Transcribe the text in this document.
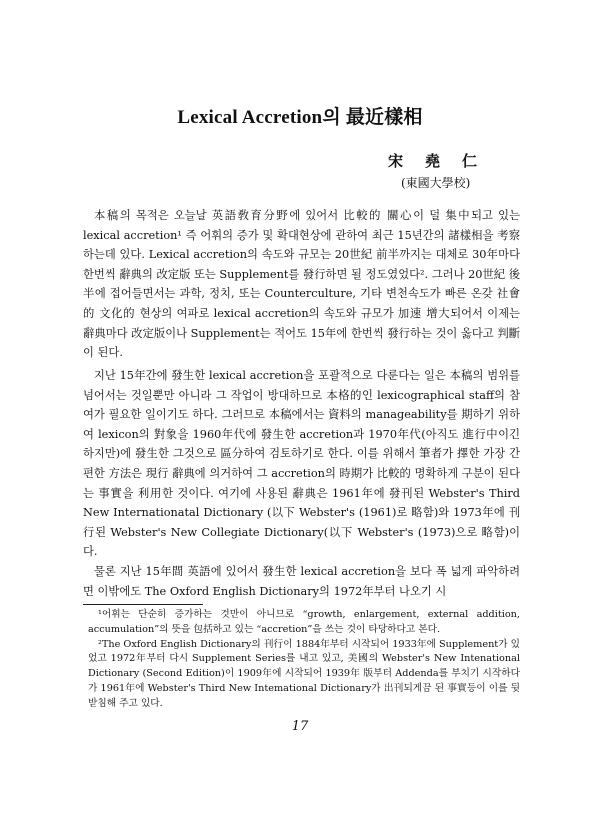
Lexical Accretion의 最近樣相
宋堯仁
(東國大學校)

本稿의 목적은 오늘날 英語敎育分野에 있어서 比較的 關心이 덜 集中되고 있는 lexical accretion¹ 즉 어휘의 증가 및 확대현상에 관하여 최근 15년간의 諸樣相을 考察하는데 있다. Lexical accretion의 속도와 규모는 20世紀 前半까지는 대체로 30年마다 한번씩 辭典의 改定版 또는 Supplement를 發行하면 될 정도였었다². 그러나 20世紀 後半에 접어들면서는 과학, 정치, 또는 Counterculture, 기타 변천속도가 빠른 온갖 社會的 文化的 현상의 여파로 lexical accretion의 속도와 규모가 加速 增大되어서 이제는 辭典마다 改定版이나 Supplement는 적어도 15年에 한번씩 發行하는 것이 옳다고 判斷이 된다.

지난 15年간에 發生한 lexical accretion을 포괄적으로 다룬다는 일은 本稿의 범위를 넘어서는 것일뿐만 아니라 그 작업이 방대하므로 本格的인 lexicographical staff의 참여가 필요한 일이기도 하다. 그러므로 本稿에서는 資料의 manageability를 期하기 위하여 lexicon의 對象을 1960年代에 發生한 accretion과 1970年代(아직도 進行中이긴 하지만)에 發生한 그것으로 區分하여 검토하기로 한다. 이를 위해서 筆者가 擇한 가장 간편한 方法은 現行 辭典에 의거하여 그 accretion의 時期가 比較的 명확하게 구분이 된다는 事實을 利用한 것이다. 여기에 사용된 辭典은 1961年에 發刊된 Webster's Third New Internationatal Dictionary (以下 Webster's (1961)로 略함)와 1973年에 刊行된 Webster's New Collegiate Dictionary(以下 Webster's (1973)으로 略함)이다.

물론 지난 15年間 英語에 있어서 發生한 lexical accretion을 보다 폭 넓게 파악하려면 이밖에도 The Oxford English Dictionary의 1972年부터 나오기 시

¹어휘는 단순히 증가하는 것만이 아니므로 “growth, enlargement, external addition, accumulation”의 뜻을 包括하고 있는 “accretion”을 쓰는 것이 타당하다고 본다.

²The Oxford English Dictionary의 刊行이 1884年부터 시작되어 1933年에 Supplement가 있었고 1972年부터 다시 Supplement Series를 내고 있고, 美國의 Webster's New Intenational Dictionary (Second Edition)이 1909年에 시작되어 1939年 版부터 Addenda를 부치기 시작하다가 1961年에 Webster's Third New Intemational Dictionary가 出刊되게끔 된 事實등이 이를 뒷받침해 주고 있다.

17
